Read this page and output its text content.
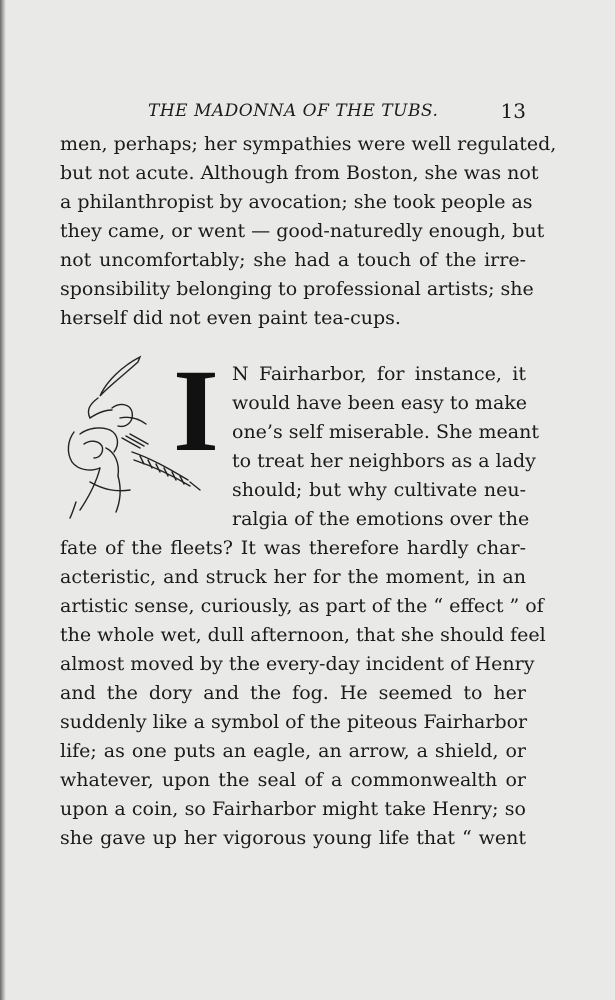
THE MADONNA OF THE TUBS.	13
men, perhaps; her sympathies were well regulated,
but not acute. Although from Boston, she was not
a philanthropist by avocation; she took people as
they came, or went — good-naturedly enough, but
not uncomfortably; she had a touch of the irre-
sponsibility belonging to professional artists; she
herself did not even paint tea-cups.
I N Fairharbor, for instance, it
would have been easy to make
one’s self miserable. She meant
to treat her neighbors as a lady
should; but why cultivate neu-
ralgia of the emotions over the
fate of the fleets? It was therefore hardly char-
acteristic, and struck her for the moment, in an
artistic sense, curiously, as part of the “ effect ” of
the whole wet, dull afternoon, that she should feel
almost moved by the every-day incident of Henry
and the dory and the fog. He seemed to her
suddenly like a symbol of the piteous Fairharbor
life; as one puts an eagle, an arrow, a shield, or
whatever, upon the seal of a commonwealth or
upon a coin, so Fairharbor might take Henry; so
she gave up her vigorous young life that “ went
